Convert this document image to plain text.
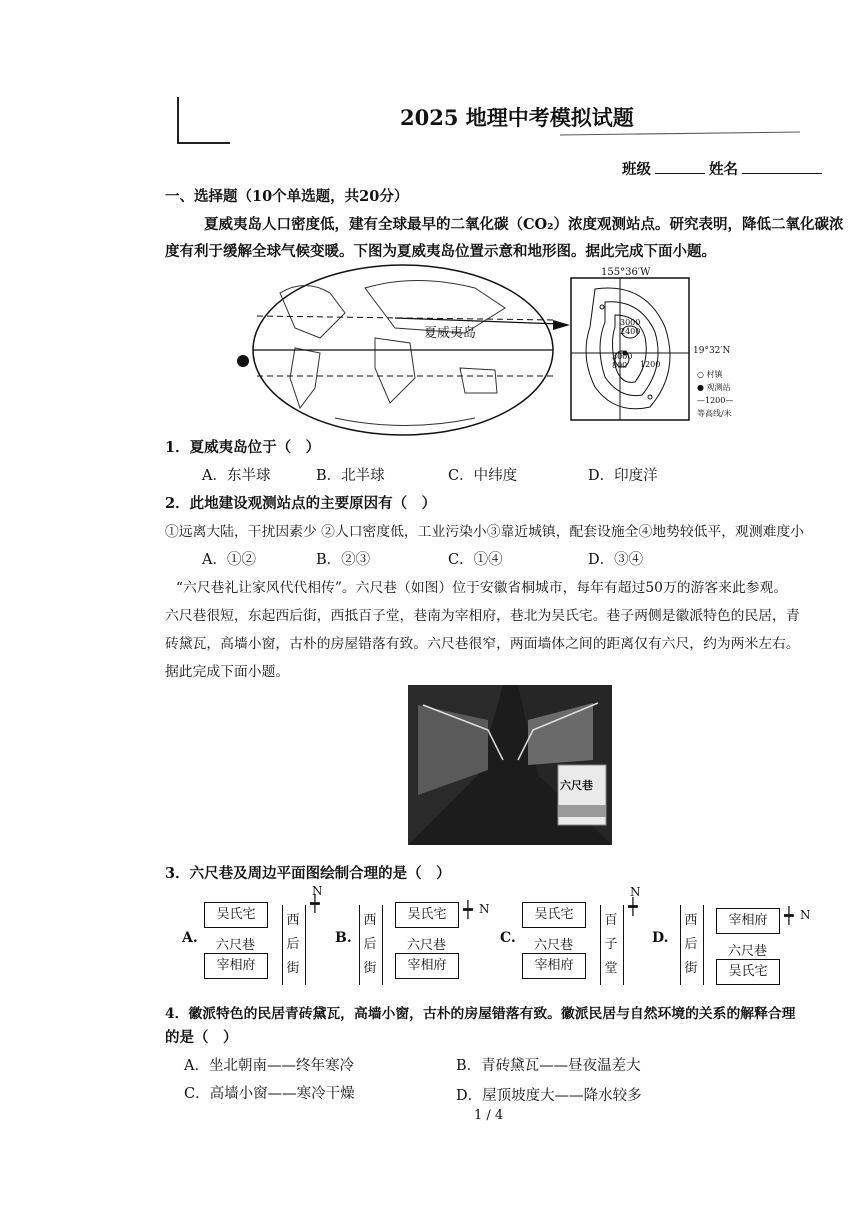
2025 地理中考模拟试题
班级	姓名
一、选择题（10个单选题，共20分）
夏威夷岛人口密度低，建有全球最早的二氧化碳（CO₂）浓度观测站点。研究表明，降低二氧化碳浓
度有利于缓解全球气候变暖。下图为夏威夷岛位置示意和地形图。据此完成下面小题。
夏威夷岛
155°36′W
3000
2400
3000
800	1200
19°32′N
○ 村镇
● 观测站
—1200—
等高线/米
1．夏威夷岛位于（　）
A．东半球	B．北半球	C．中纬度	D．印度洋
2．此地建设观测站点的主要原因有（　）
①远离大陆，干扰因素少 ②人口密度低，工业污染小③靠近城镇，配套设施全④地势较低平，观测难度小
A．①②	B．②③	C．①④	D．③④
“六尺巷礼让家风代代相传”。六尺巷（如图）位于安徽省桐城市，每年有超过50万的游客来此参观。
六尺巷很短，东起西后街，西抵百子堂，巷南为宰相府，巷北为吴氏宅。巷子两侧是徽派特色的民居，青
砖黛瓦，高墙小窗，古朴的房屋错落有致。六尺巷很窄，两面墙体之间的距离仅有六尺，约为两米左右。
据此完成下面小题。
六尺巷
3．六尺巷及周边平面图绘制合理的是（　）
A.
吴氏宅
六尺巷
宰相府
西
后
街
N
┿
B.
西
后
街
吴氏宅
六尺巷
宰相府
┿ N
C.
吴氏宅
六尺巷
宰相府
百
子
堂
N
┿
D.
西
后
街
宰相府
六尺巷
吴氏宅
┿ N
4．徽派特色的民居青砖黛瓦，高墙小窗，古朴的房屋错落有致。徽派民居与自然环境的关系的解释合理
的是（　）
A．坐北朝南——终年寒冷	B．青砖黛瓦——昼夜温差大
C．高墙小窗——寒冷干燥	D．屋顶坡度大——降水较多
1 / 4
